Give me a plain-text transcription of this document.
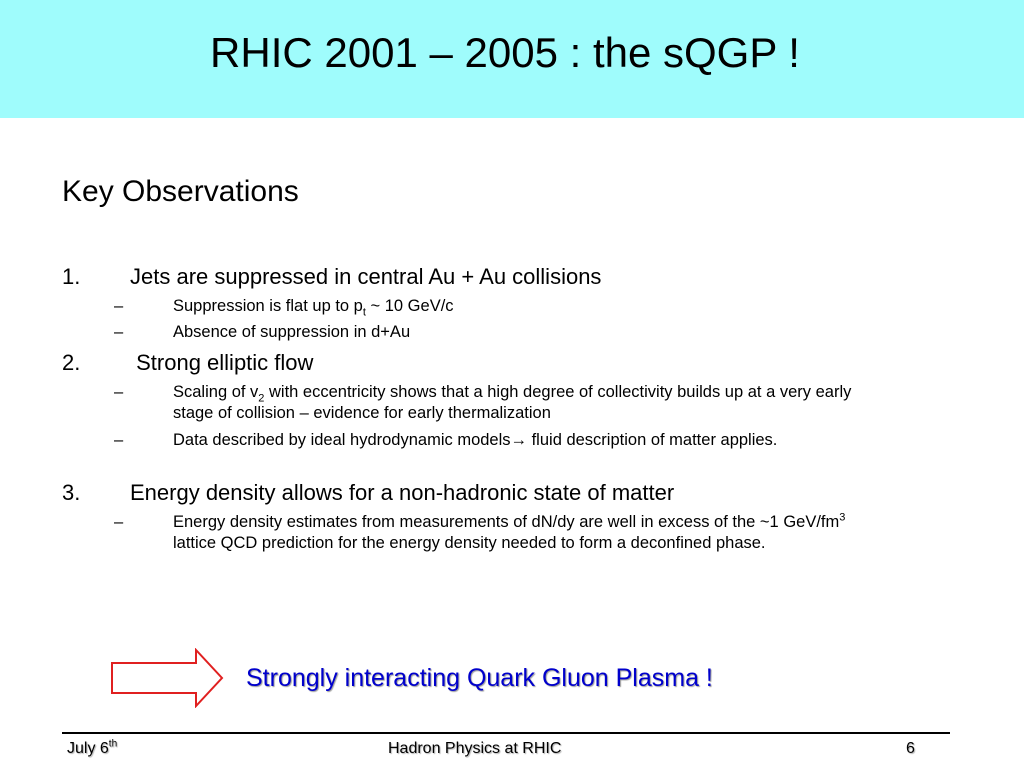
RHIC 2001 – 2005 : the sQGP !
Key Observations
1. Jets are suppressed in central Au + Au collisions
–	Suppression is flat up to $p_t$ ~ 10 GeV/c
–	Absence of suppression in d+Au
2. Strong elliptic flow
–	Scaling of $v_2$ with eccentricity shows that a high degree of collectivity builds up at a very early stage of collision – evidence for early thermalization
–	Data described by ideal hydrodynamic models→ fluid description of matter applies.
3. Energy density allows for a non-hadronic state of matter
–	Energy density estimates from measurements of dN/dy are well in excess of the ~1 GeV/$fm^3$ lattice QCD prediction for the energy density needed to form a deconfined phase.
Strongly interacting Quark Gluon Plasma !
July 6th	Hadron Physics at RHIC	6
